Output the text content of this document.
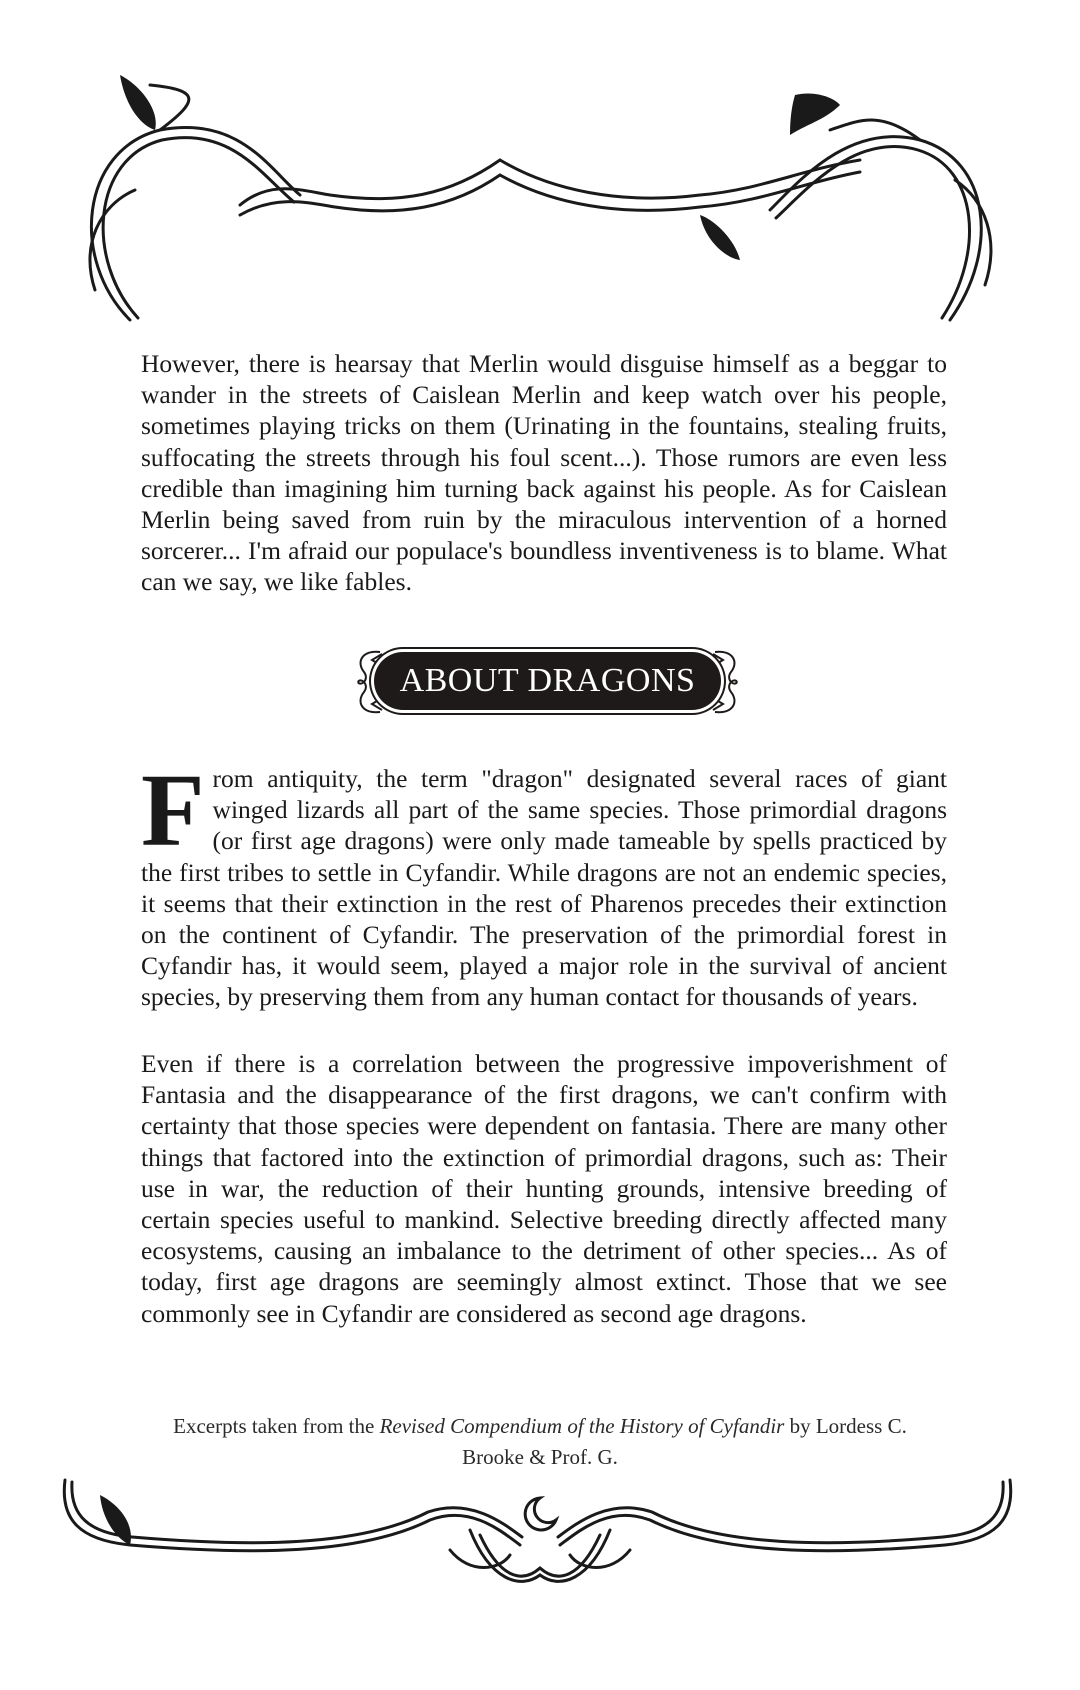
However, there is hearsay that Merlin would disguise himself as a beggar to wander in the streets of Caislean Merlin and keep watch over his people, sometimes playing tricks on them (Urinating in the fountains, stealing fruits, suffocating the streets through his foul scent...). Those rumors are even less credible than imagining him turning back against his people. As for Caislean Merlin being saved from ruin by the miraculous intervention of a horned sorcerer... I'm afraid our populace's boundless inventiveness is to blame. What can we say, we like fables.

ABOUT DRAGONS

From antiquity, the term "dragon" designated several races of giant winged lizards all part of the same species. Those primordial dragons (or first age dragons) were only made tameable by spells practiced by the first tribes to settle in Cyfandir. While dragons are not an endemic species, it seems that their extinction in the rest of Pharenos precedes their extinction on the continent of Cyfandir. The preservation of the primordial forest in Cyfandir has, it would seem, played a major role in the survival of ancient species, by preserving them from any human contact for thousands of years.

Even if there is a correlation between the progressive impoverishment of Fantasia and the disappearance of the first dragons, we can't confirm with certainty that those species were dependent on fantasia. There are many other things that factored into the extinction of primordial dragons, such as: Their use in war, the reduction of their hunting grounds, intensive breeding of certain species useful to mankind. Selective breeding directly affected many ecosystems, causing an imbalance to the detriment of other species... As of today, first age dragons are seemingly almost extinct. Those that we see commonly see in Cyfandir are considered as second age dragons.

Excerpts taken from the Revised Compendium of the History of Cyfandir by Lordess C. Brooke & Prof. G.
